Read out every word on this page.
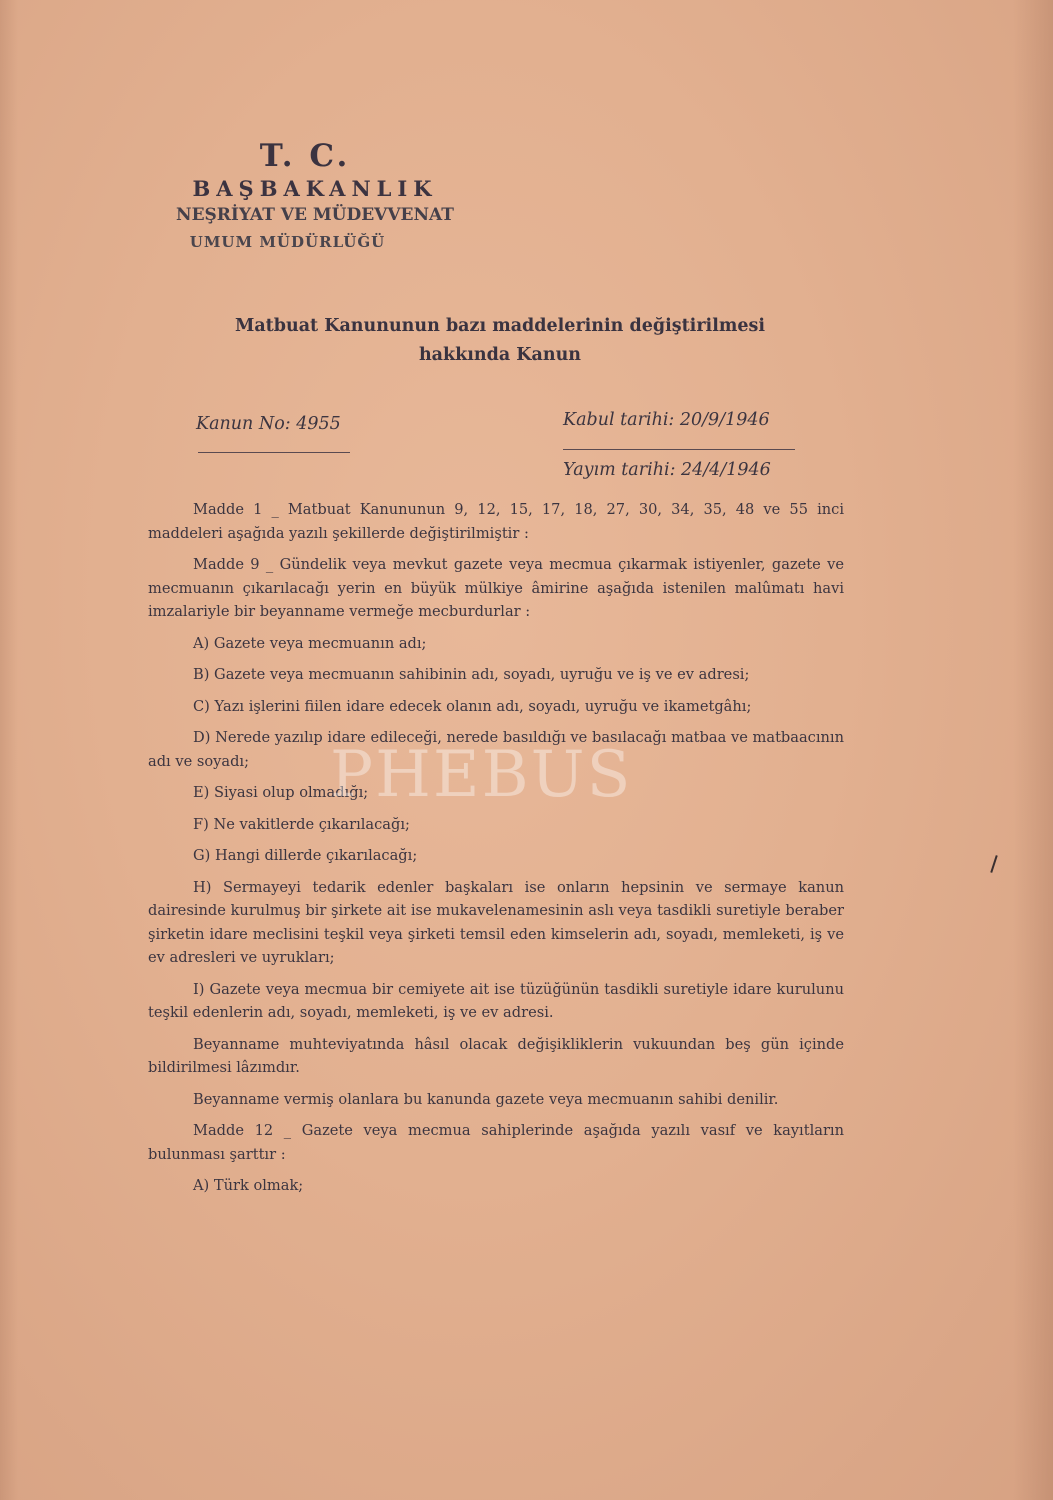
T. C.
BAŞBAKANLIK
NEŞRİYAT VE MÜDEVVENAT
UMUM MÜDÜRLÜĞÜ
Matbuat Kanununun bazı maddelerinin değiştirilmesi
hakkında Kanun
Kanun No: 4955	Kabul tarihi: 20/9/1946
Yayım tarihi: 24/4/1946

Madde 1 _ Matbuat Kanununun 9, 12, 15, 17, 18, 27, 30, 34, 35, 48 ve 55 inci maddeleri aşağıda yazılı şekillerde değiştirilmiştir :

Madde 9 _ Gündelik veya mevkut gazete veya mecmua çıkarmak istiyenler, gazete ve mecmuanın çıkarılacağı yerin en büyük mülkiye âmirine aşağıda istenilen malûmatı havi imzalariyle bir beyanname vermeğe mecburdurlar :

A) Gazete veya mecmuanın adı;

B) Gazete veya mecmuanın sahibinin adı, soyadı, uyruğu ve iş ve ev adresi;

C) Yazı işlerini fiilen idare edecek olanın adı, soyadı, uyruğu ve ikametgâhı;

D) Nerede yazılıp idare edileceği, nerede basıldığı ve basılacağı matbaa ve matbaacının adı ve soyadı;

E) Siyasi olup olmadığı;

F) Ne vakitlerde çıkarılacağı;

G) Hangi dillerde çıkarılacağı;

H) Sermayeyi tedarik edenler başkaları ise onların hepsinin ve sermaye kanun dairesinde kurulmuş bir şirkete ait ise mukavelenamesinin aslı veya tasdikli suretiyle beraber şirketin idare meclisini teşkil veya şirketi temsil eden kimselerin adı, soyadı, memleketi, iş ve ev adresleri ve uyrukları;

I) Gazete veya mecmua bir cemiyete ait ise tüzüğünün tasdikli suretiyle idare kurulunu teşkil edenlerin adı, soyadı, memleketi, iş ve ev adresi.

Beyanname muhteviyatında hâsıl olacak değişikliklerin vukuundan beş gün içinde bildirilmesi lâzımdır.

Beyanname vermiş olanlara bu kanunda gazete veya mecmuanın sahibi denilir.

Madde 12 _ Gazete veya mecmua sahiplerinde aşağıda yazılı vasıf ve kayıtların bulunması şarttır :

A) Türk olmak;

PHEBUS
